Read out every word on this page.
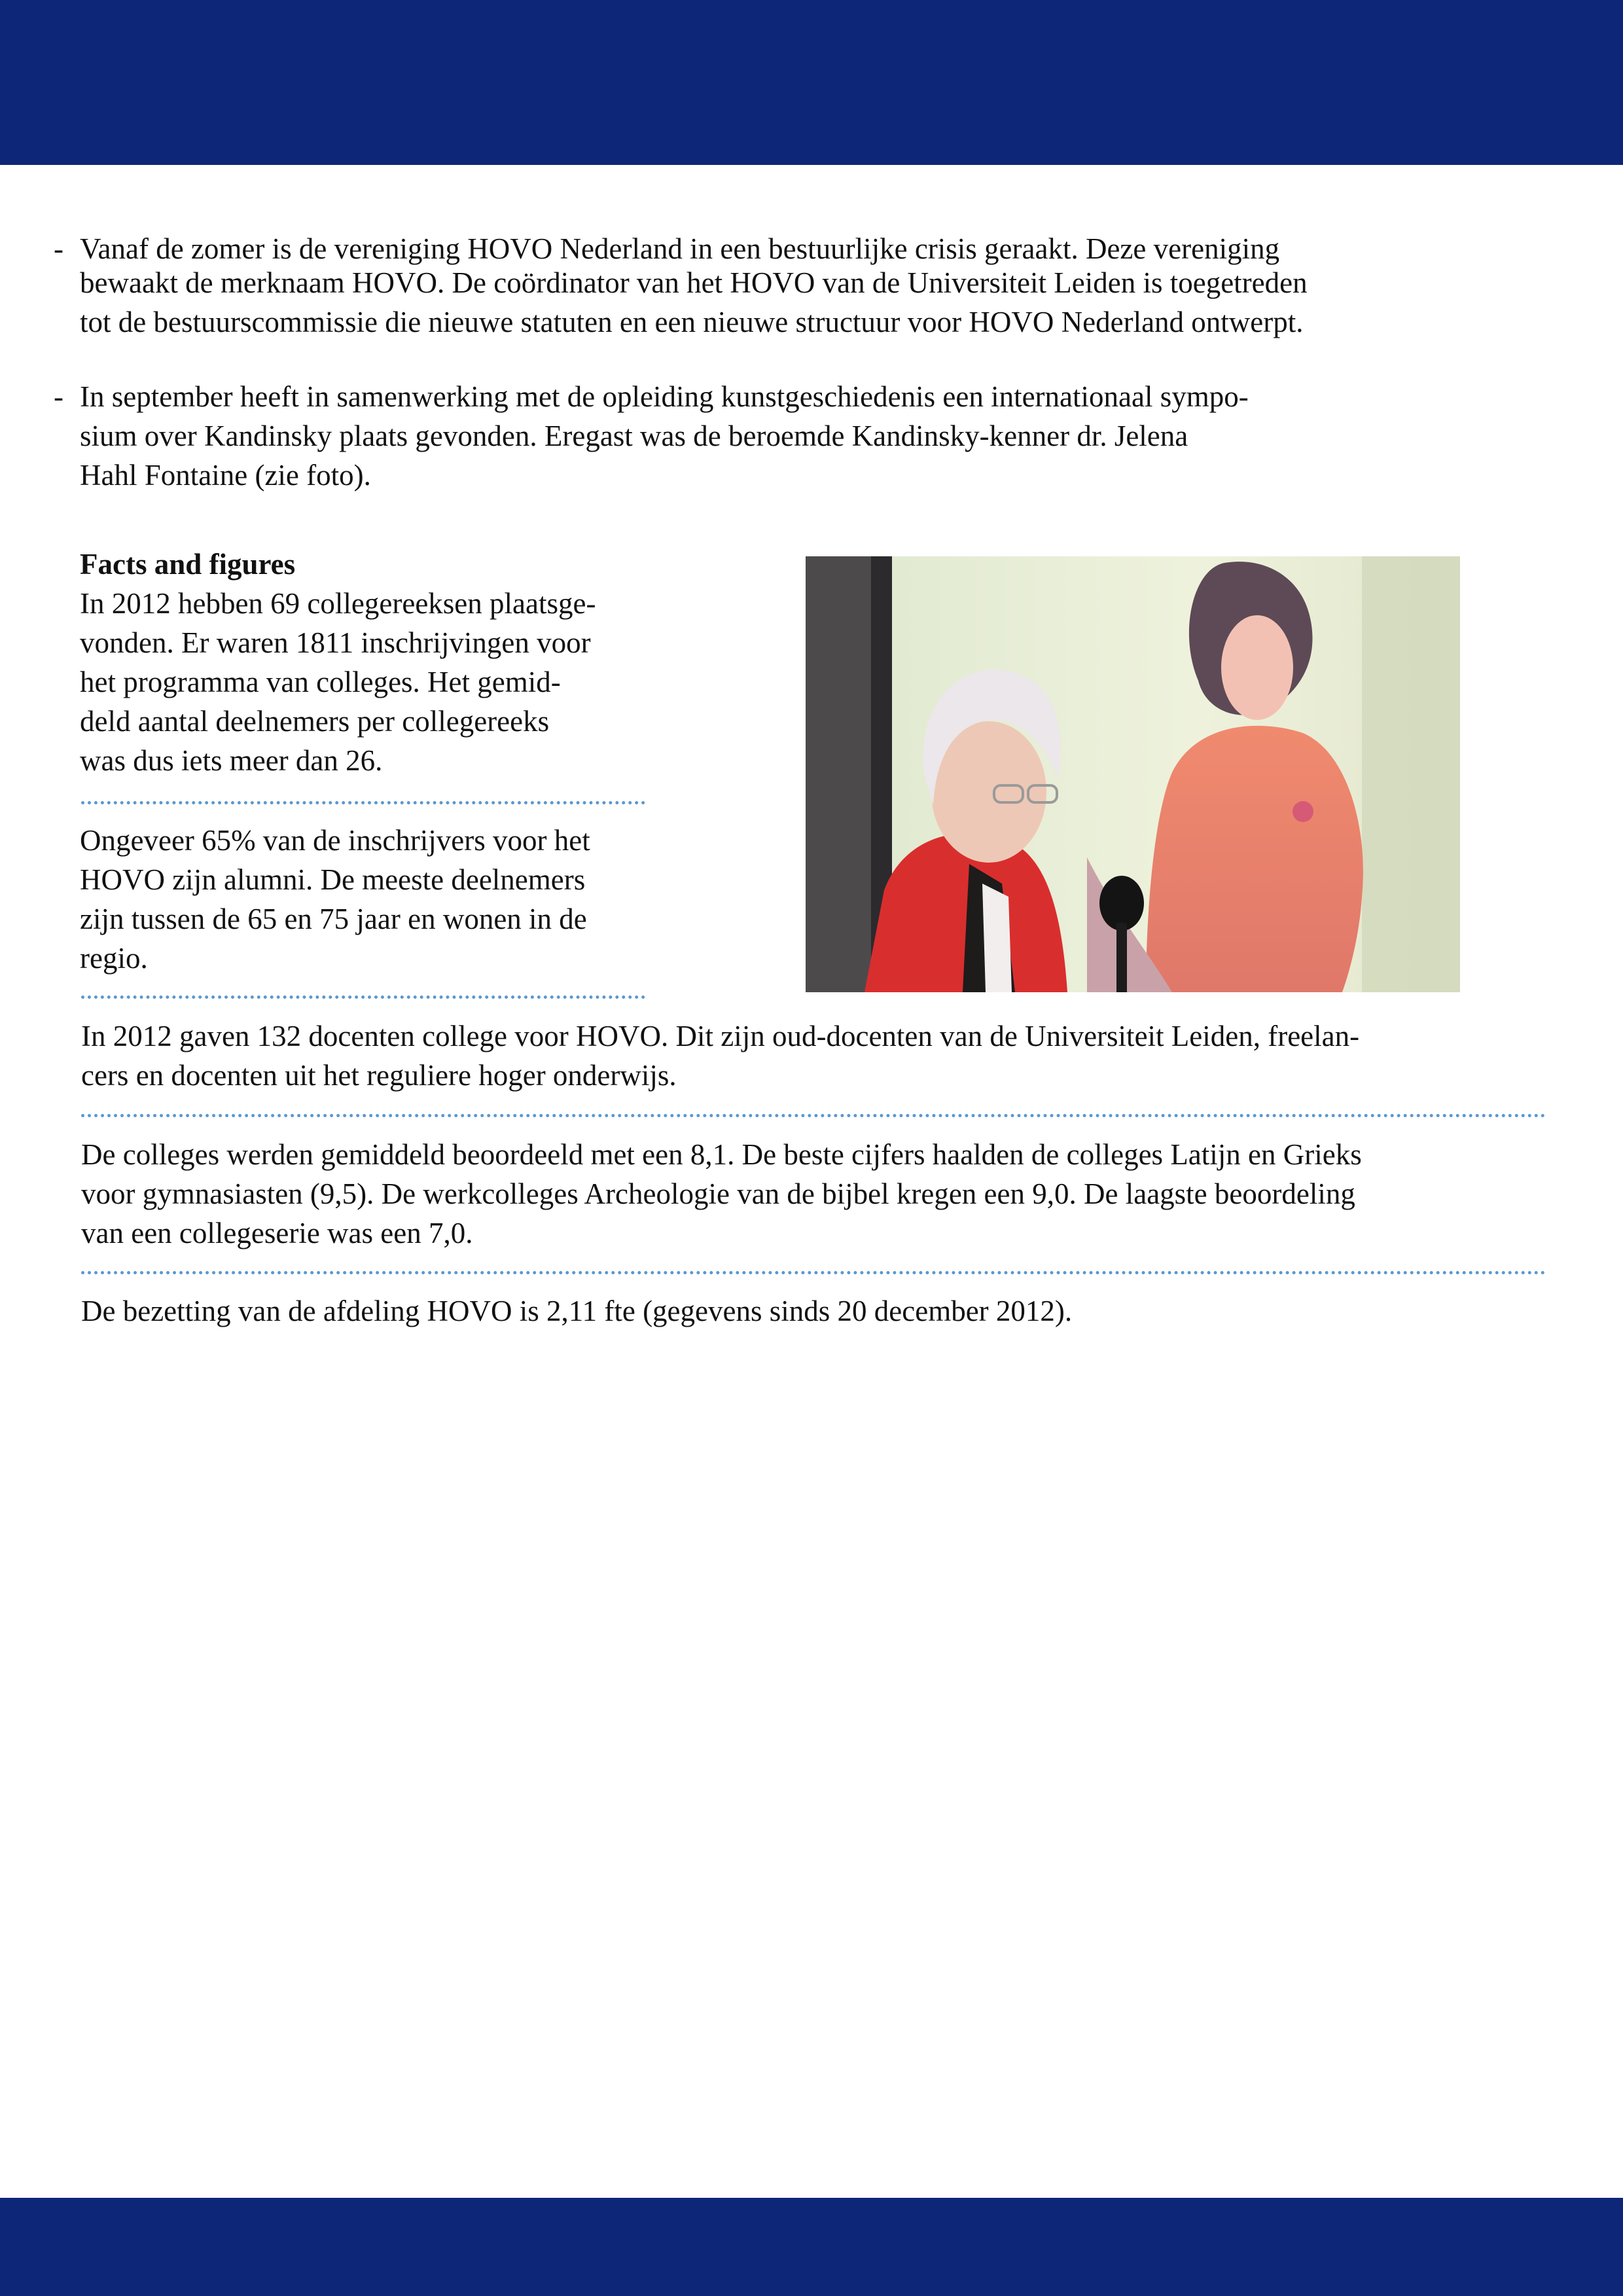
- Vanaf de zomer is de vereniging HOVO Nederland in een bestuurlijke crisis geraakt. Deze vereniging
bewaakt de merknaam HOVO. De coördinator van het HOVO van de Universiteit Leiden is toegetreden
tot de bestuurscommissie die nieuwe statuten en een nieuwe structuur voor HOVO Nederland ontwerpt.
- In september heeft in samenwerking met de opleiding kunstgeschiedenis een internationaal sympo-
sium over Kandinsky plaats gevonden. Eregast was de beroemde Kandinsky-kenner dr. Jelena
Hahl Fontaine (zie foto).
Facts and figures
In 2012 hebben 69 collegereeksen plaatsge-
vonden. Er waren 1811 inschrijvingen voor
het programma van colleges. Het gemid-
deld aantal deelnemers per collegereeks
was dus iets meer dan 26.
Ongeveer 65% van de inschrijvers voor het
HOVO zijn alumni. De meeste deelnemers
zijn tussen de 65 en 75 jaar en wonen in de
regio.
In 2012 gaven 132 docenten college voor HOVO. Dit zijn oud-docenten van de Universiteit Leiden, freelan-
cers en docenten uit het reguliere hoger onderwijs.
De colleges werden gemiddeld beoordeeld met een 8,1. De beste cijfers haalden de colleges Latijn en Grieks
voor gymnasiasten (9,5). De werkcolleges Archeologie van de bijbel kregen een 9,0. De laagste beoordeling
van een collegeserie was een 7,0.
De bezetting van de afdeling HOVO is 2,11 fte (gegevens sinds 20 december 2012).
